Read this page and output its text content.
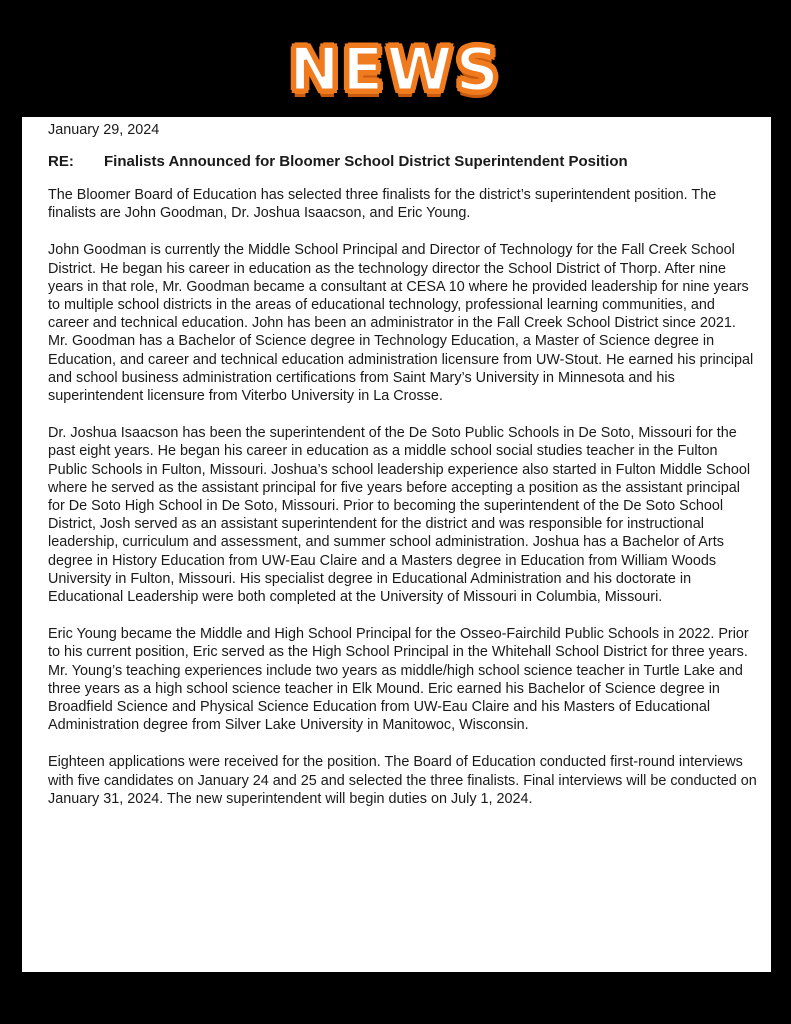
NEWS

January 29, 2024

RE: Finalists Announced for Bloomer School District Superintendent Position

The Bloomer Board of Education has selected three finalists for the district’s superintendent position. The finalists are John Goodman, Dr. Joshua Isaacson, and Eric Young.

John Goodman is currently the Middle School Principal and Director of Technology for the Fall Creek School District. He began his career in education as the technology director the School District of Thorp. After nine years in that role, Mr. Goodman became a consultant at CESA 10 where he provided leadership for nine years to multiple school districts in the areas of educational technology, professional learning communities, and career and technical education. John has been an administrator in the Fall Creek School District since 2021. Mr. Goodman has a Bachelor of Science degree in Technology Education, a Master of Science degree in Education, and career and technical education administration licensure from UW-Stout. He earned his principal and school business administration certifications from Saint Mary’s University in Minnesota and his superintendent licensure from Viterbo University in La Crosse.

Dr. Joshua Isaacson has been the superintendent of the De Soto Public Schools in De Soto, Missouri for the past eight years. He began his career in education as a middle school social studies teacher in the Fulton Public Schools in Fulton, Missouri. Joshua’s school leadership experience also started in Fulton Middle School where he served as the assistant principal for five years before accepting a position as the assistant principal for De Soto High School in De Soto, Missouri. Prior to becoming the superintendent of the De Soto School District, Josh served as an assistant superintendent for the district and was responsible for instructional leadership, curriculum and assessment, and summer school administration. Joshua has a Bachelor of Arts degree in History Education from UW-Eau Claire and a Masters degree in Education from William Woods University in Fulton, Missouri. His specialist degree in Educational Administration and his doctorate in Educational Leadership were both completed at the University of Missouri in Columbia, Missouri.

Eric Young became the Middle and High School Principal for the Osseo-Fairchild Public Schools in 2022. Prior to his current position, Eric served as the High School Principal in the Whitehall School District for three years. Mr. Young’s teaching experiences include two years as middle/high school science teacher in Turtle Lake and three years as a high school science teacher in Elk Mound. Eric earned his Bachelor of Science degree in Broadfield Science and Physical Science Education from UW-Eau Claire and his Masters of Educational Administration degree from Silver Lake University in Manitowoc, Wisconsin.

Eighteen applications were received for the position. The Board of Education conducted first-round interviews with five candidates on January 24 and 25 and selected the three finalists. Final interviews will be conducted on January 31, 2024. The new superintendent will begin duties on July 1, 2024.
